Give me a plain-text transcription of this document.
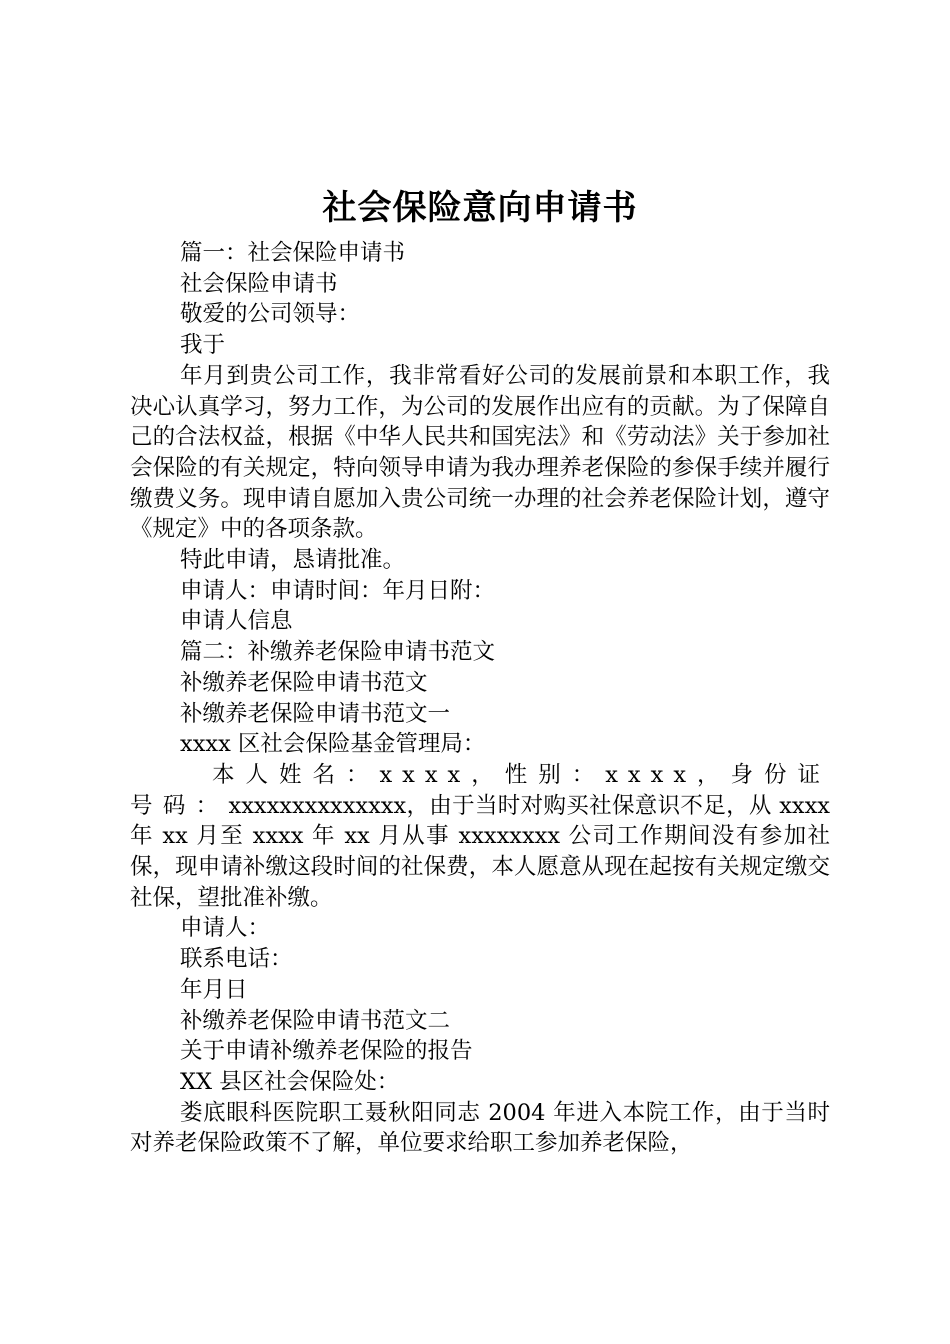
社会保险意向申请书

篇一：社会保险申请书

社会保险申请书

敬爱的公司领导：

我于

年月到贵公司工作，我非常看好公司的发展前景和本职工作，我决心认真学习，努力工作，为公司的发展作出应有的贡献。为了保障自己的合法权益，根据《中华人民共和国宪法》和《劳动法》关于参加社会保险的有关规定，特向领导申请为我办理养老保险的参保手续并履行缴费义务。现申请自愿加入贵公司统一办理的社会养老保险计划，遵守《规定》中的各项条款。

特此申请，恳请批准。

申请人：申请时间：年月日附：

申请人信息

篇二：补缴养老保险申请书范文

补缴养老保险申请书范文

补缴养老保险申请书范文一

xxxx 区社会保险基金管理局：

本人姓名：xxxx，性别：xxxx，身份证号码：xxxxxxxxxxxxxx，由于当时对购买社保意识不足，从 xxxx 年 xx 月至 xxxx 年 xx 月从事 xxxxxxxx 公司工作期间没有参加社保，现申请补缴这段时间的社保费，本人愿意从现在起按有关规定缴交社保，望批准补缴。

申请人：

联系电话：

年月日

补缴养老保险申请书范文二

关于申请补缴养老保险的报告

XX 县区社会保险处：

娄底眼科医院职工聂秋阳同志 2004 年进入本院工作，由于当时对养老保险政策不了解，单位要求给职工参加养老保险，
